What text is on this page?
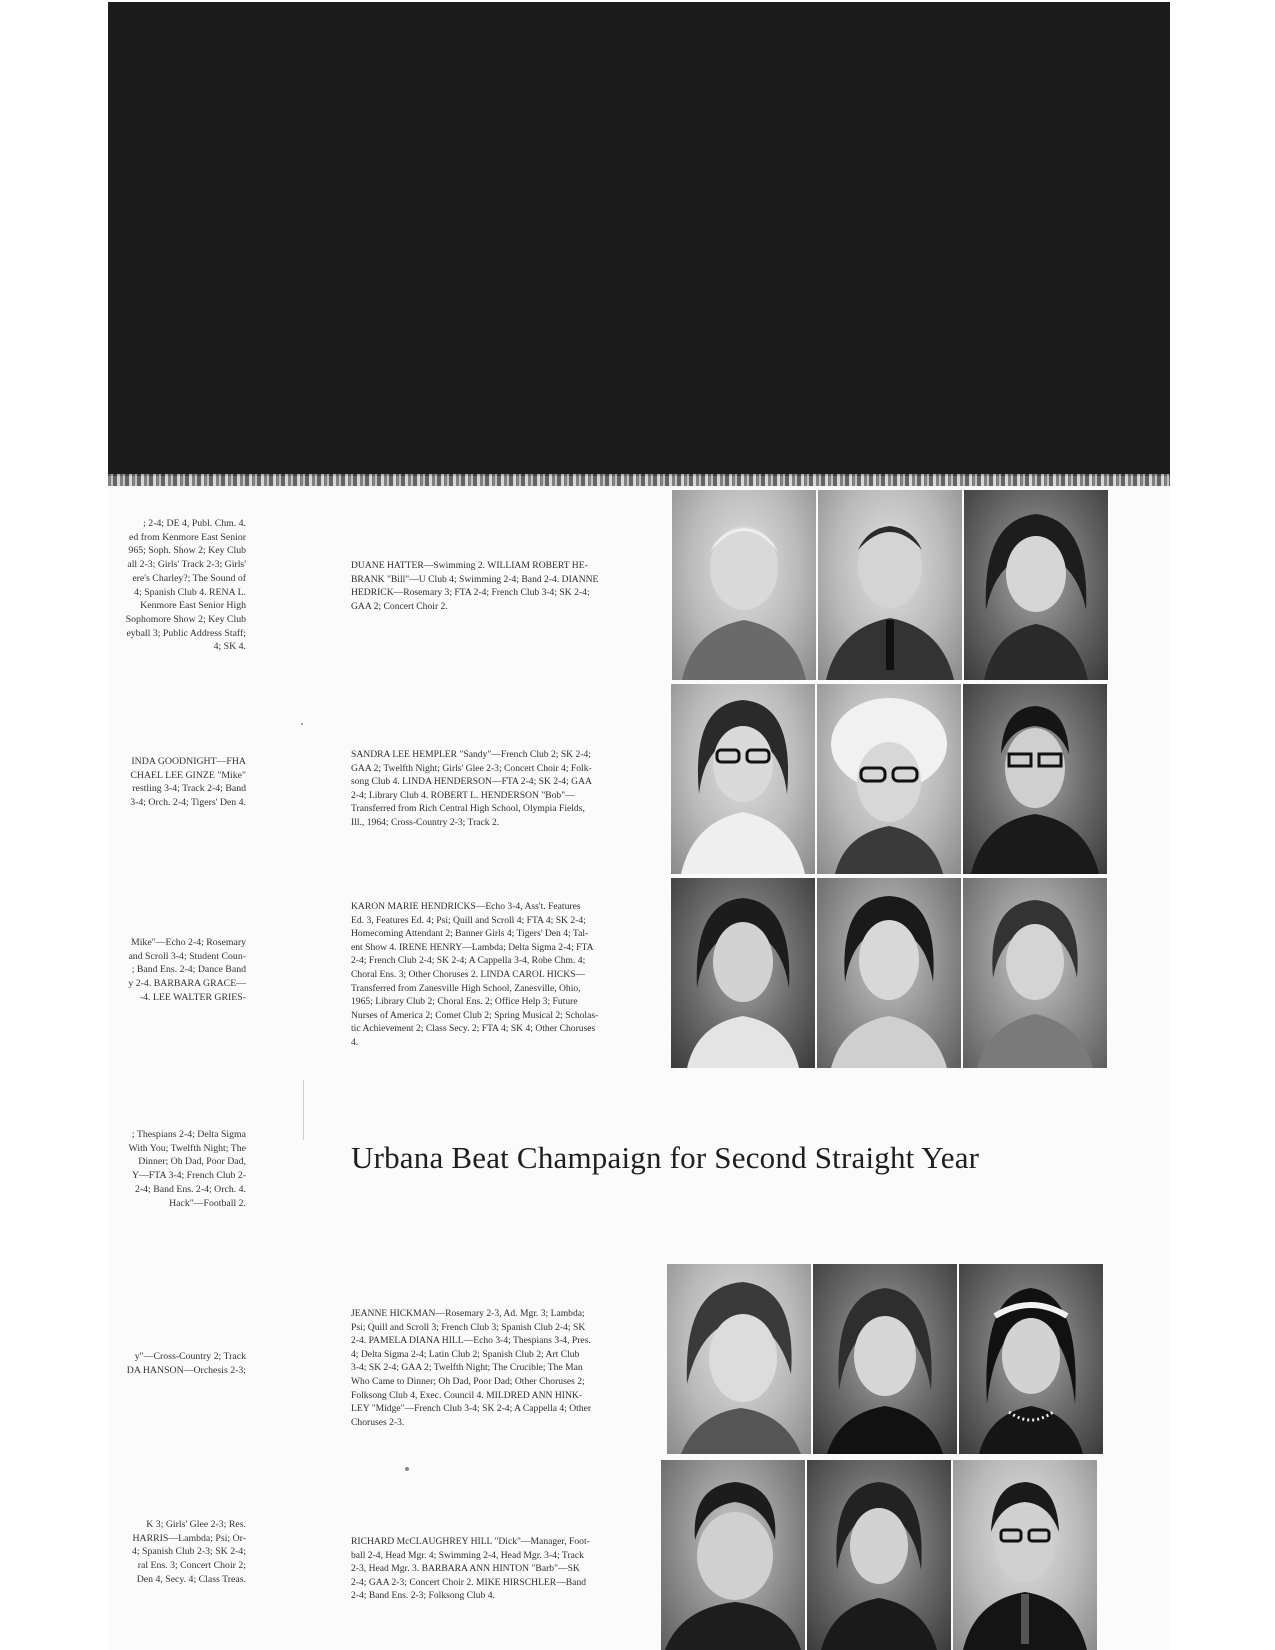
; 2-4; DE 4, Publ. Chm. 4.
ed from Kenmore East Senior
965; Soph. Show 2; Key Club
all 2-3; Girls' Track 2-3; Girls'
ere's Charley?; The Sound of
4; Spanish Club 4. RENA L.
Kenmore East Senior High
Sophomore Show 2; Key Club
eyball 3; Public Address Staff;
4; SK 4.
INDA GOODNIGHT—FHA
CHAEL LEE GINZE "Mike"
restling 3-4; Track 2-4; Band
3-4; Orch. 2-4; Tigers' Den 4.
Mike"—Echo 2-4; Rosemary
and Scroll 3-4; Student Coun-
; Band Ens. 2-4; Dance Band
y 2-4. BARBARA GRACE—
-4. LEE WALTER GRIES-
; Thespians 2-4; Delta Sigma
With You; Twelfth Night; The
Dinner; Oh Dad, Poor Dad,
Y—FTA 3-4; French Club 2-
2-4; Band Ens. 2-4; Orch. 4.
Hack"—Football 2.
y"—Cross-Country 2; Track
DA HANSON—Orchesis 2-3;
K 3; Girls' Glee 2-3; Res.
HARRIS—Lambda; Psi; Or-
4; Spanish Club 2-3; SK 2-4;
ral Ens. 3; Concert Choir 2;
Den 4, Secy. 4; Class Treas.
DUANE HATTER—Swimming 2. WILLIAM ROBERT HE-
BRANK "Bill"—U Club 4; Swimming 2-4; Band 2-4. DIANNE
HEDRICK—Rosemary 3; FTA 2-4; French Club 3-4; SK 2-4;
GAA 2; Concert Choir 2.
SANDRA LEE HEMPLER "Sandy"—French Club 2; SK 2-4;
GAA 2; Twelfth Night; Girls' Glee 2-3; Concert Choir 4; Folk-
song Club 4. LINDA HENDERSON—FTA 2-4; SK 2-4; GAA
2-4; Library Club 4. ROBERT L. HENDERSON "Bob"—
Transferred from Rich Central High School, Olympia Fields,
Ill., 1964; Cross-Country 2-3; Track 2.
KARON MARIE HENDRICKS—Echo 3-4, Ass't. Features
Ed. 3, Features Ed. 4; Psi; Quill and Scroll 4; FTA 4; SK 2-4;
Homecoming Attendant 2; Banner Girls 4; Tigers' Den 4; Tal-
ent Show 4. IRENE HENRY—Lambda; Delta Sigma 2-4; FTA
2-4; French Club 2-4; SK 2-4; A Cappella 3-4, Robe Chm. 4;
Choral Ens. 3; Other Choruses 2. LINDA CAROL HICKS—
Transferred from Zanesville High School, Zanesville, Ohio,
1965; Library Club 2; Choral Ens. 2; Office Help 3; Future
Nurses of America 2; Comet Club 2; Spring Musical 2; Scholas-
tic Achievement 2; Class Secy. 2; FTA 4; SK 4; Other Choruses
4.
JEANNE HICKMAN—Rosemary 2-3, Ad. Mgr. 3; Lambda;
Psi; Quill and Scroll 3; French Club 3; Spanish Club 2-4; SK
2-4. PAMELA DIANA HILL—Echo 3-4; Thespians 3-4, Pres.
4; Delta Sigma 2-4; Latin Club 2; Spanish Club 2; Art Club
3-4; SK 2-4; GAA 2; Twelfth Night; The Crucible; The Man
Who Came to Dinner; Oh Dad, Poor Dad; Other Choruses 2;
Folksong Club 4, Exec. Council 4. MILDRED ANN HINK-
LEY "Midge"—French Club 3-4; SK 2-4; A Cappella 4; Other
Choruses 2-3.
RICHARD McCLAUGHREY HILL "Dick"—Manager, Foot-
ball 2-4, Head Mgr. 4; Swimming 2-4, Head Mgr. 3-4; Track
2-3, Head Mgr. 3. BARBARA ANN HINTON "Barb"—SK
2-4; GAA 2-3; Concert Choir 2. MIKE HIRSCHLER—Band
2-4; Band Ens. 2-3; Folksong Club 4.
Urbana Beat Champaign for Second Straight Year
